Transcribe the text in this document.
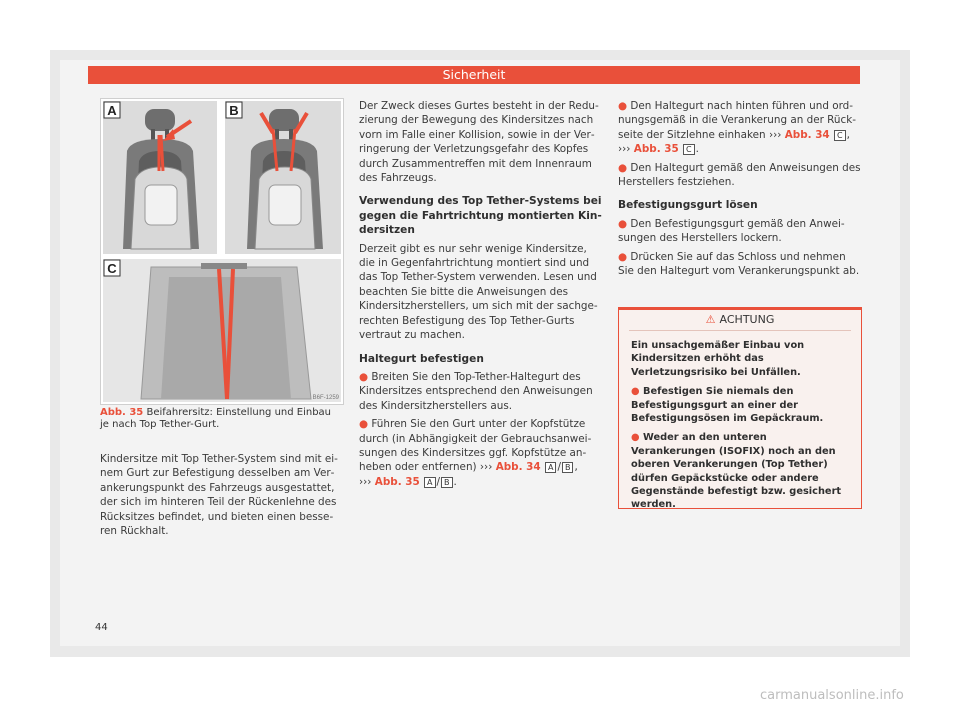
Sicherheit
A	B
C
B6F-1259
Abb. 35 Beifahrersitz: Einstellung und Einbau je nach Top Tether-Gurt.

Kindersitze mit Top Tether-System sind mit einem Gurt zur Befestigung desselben am Verankerungspunkt des Fahrzeugs ausgestattet, der sich im hinteren Teil der Rückenlehne des Rücksitzes befindet, und bieten einen besseren Rückhalt.

Der Zweck dieses Gurtes besteht in der Reduzierung der Bewegung des Kindersitzes nach vorn im Falle einer Kollision, sowie in der Verringerung der Verletzungsgefahr des Kopfes durch Zusammentreffen mit dem Innenraum des Fahrzeugs.

Verwendung des Top Tether-Systems bei gegen die Fahrtrichtung montierten Kindersitzen

Derzeit gibt es nur sehr wenige Kindersitze, die in Gegenfahrtrichtung montiert sind und das Top Tether-System verwenden. Lesen und beachten Sie bitte die Anweisungen des Kindersitzherstellers, um sich mit der sachgerechten Befestigung des Top Tether-Gurts vertraut zu machen.

Haltegurt befestigen
● Breiten Sie den Top-Tether-Haltegurt des Kindersitzes entsprechend den Anweisungen des Kindersitzherstellers aus.
● Führen Sie den Gurt unter der Kopfstütze durch (in Abhängigkeit der Gebrauchsanweisungen des Kindersitzes ggf. Kopfstütze anheben oder entfernen) ››› Abb. 34 A / B ,
››› Abb. 35 A / B .
● Den Haltegurt nach hinten führen und ordnungsgemäß in die Verankerung an der Rückseite der Sitzlehne einhaken ››› Abb. 34 C ,
››› Abb. 35 C .
● Den Haltegurt gemäß den Anweisungen des Herstellers festziehen.
Befestigungsgurt lösen
● Den Befestigungsgurt gemäß den Anweisungen des Herstellers lockern.
● Drücken Sie auf das Schloss und nehmen Sie den Haltegurt vom Verankerungspunkt ab.
⚠ ACHTUNG

Ein unsachgemäßer Einbau von Kindersitzen erhöht das Verletzungsrisiko bei Unfällen.

● Befestigen Sie niemals den Befestigungsgurt an einer der Befestigungsösen im Gepäckraum.

● Weder an den unteren Verankerungen (ISOFIX) noch an den oberen Verankerungen (Top Tether) dürfen Gepäckstücke oder andere Gegenstände befestigt bzw. gesichert werden.

44
carmanualsonline.info
